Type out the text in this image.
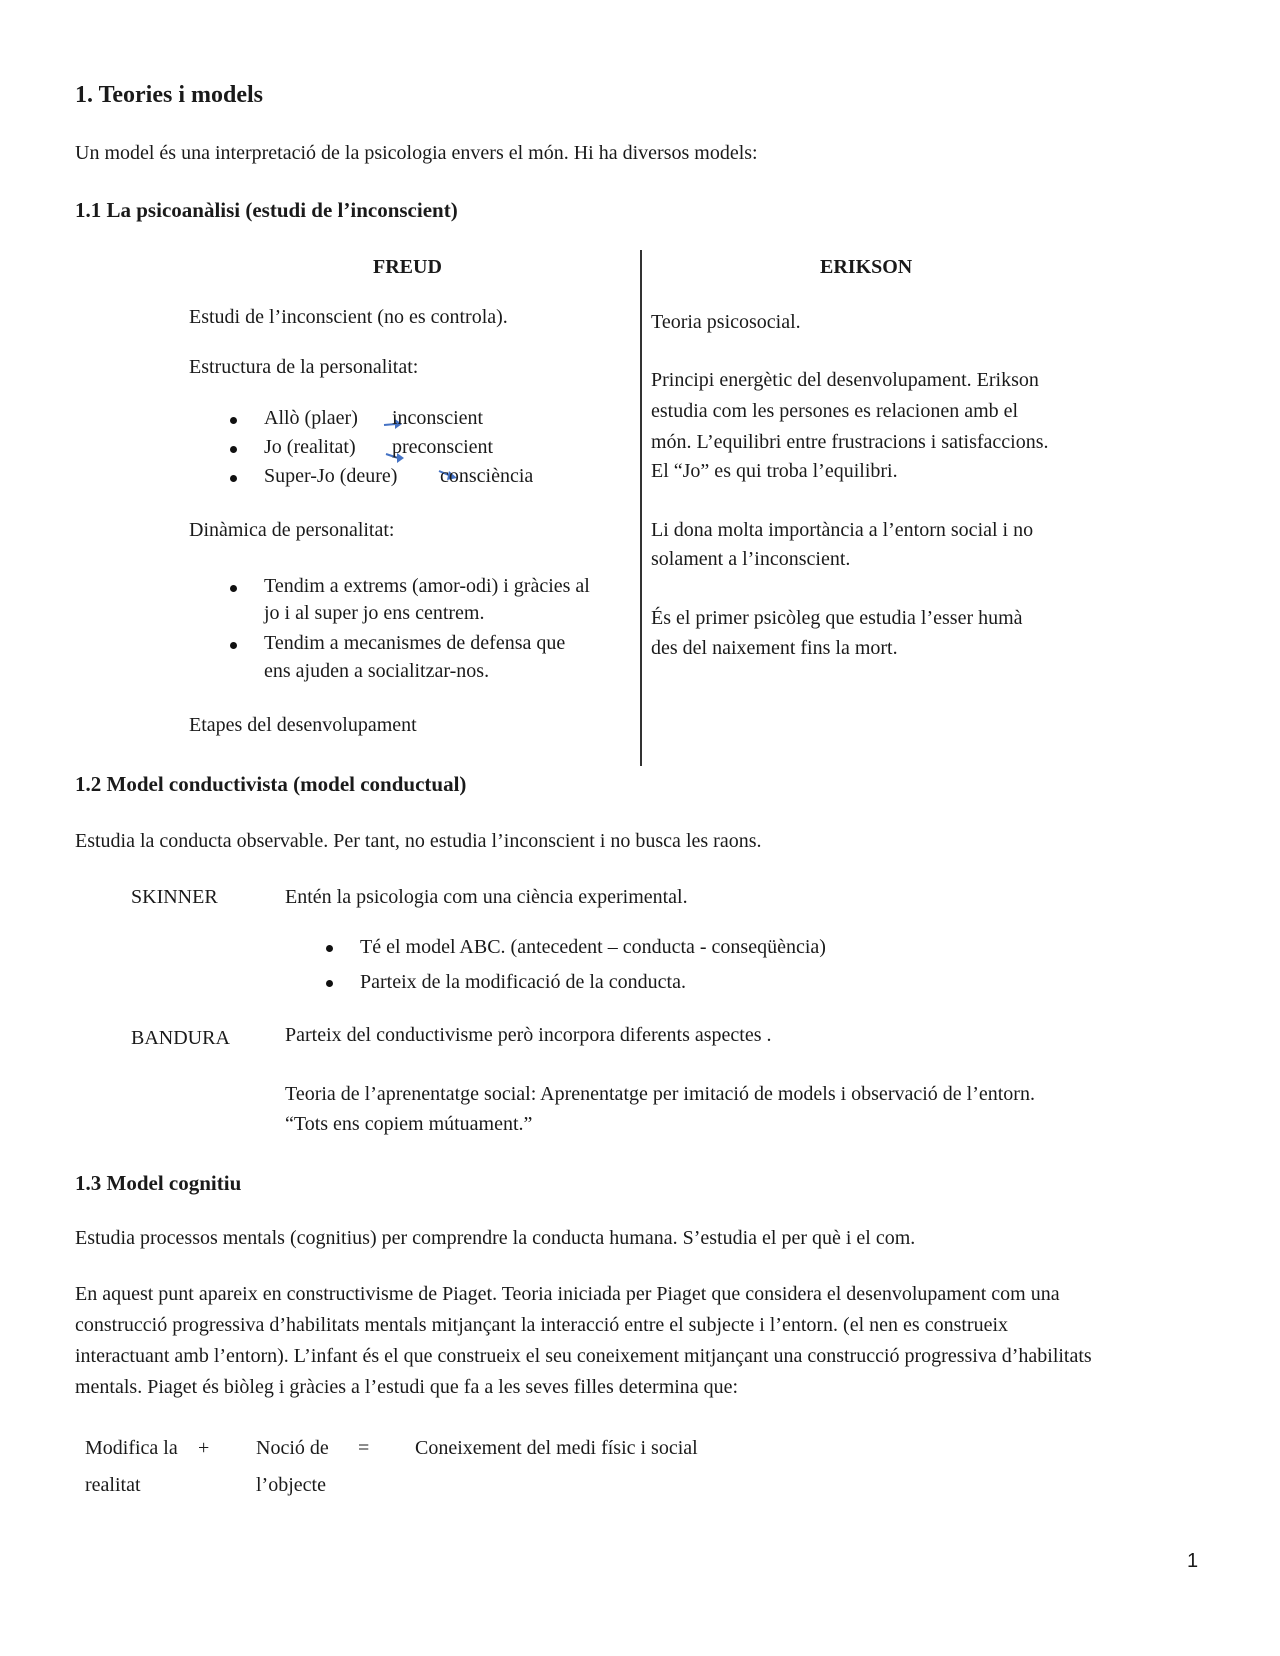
1. Teories i models
Un model és una interpretació de la psicologia envers el món. Hi ha diversos models:
1.1 La psicoanàlisi (estudi de l’inconscient)
FREUD
Estudi de l’inconscient (no es controla).
Estructura de la personalitat:
Allò (plaer) inconscient
Jo (realitat) preconscient
Super-Jo (deure) consciència
Dinàmica de personalitat:
Tendim a extrems (amor-odi) i gràcies al
jo i al super jo ens centrem.
Tendim a mecanismes de defensa que
ens ajuden a socialitzar-nos.
Etapes del desenvolupament
ERIKSON
Teoria psicosocial.
Principi energètic del desenvolupament. Erikson
estudia com les persones es relacionen amb el
món. L’equilibri entre frustracions i satisfaccions.
El “Jo” es qui troba l’equilibri.
Li dona molta importància a l’entorn social i no
solament a l’inconscient.
És el primer psicòleg que estudia l’esser humà
des del naixement fins la mort.
1.2 Model conductivista (model conductual)
Estudia la conducta observable. Per tant, no estudia l’inconscient i no busca les raons.
SKINNER	Entén la psicologia com una ciència experimental.
Té el model ABC. (antecedent – conducta - conseqüència)
Parteix de la modificació de la conducta.
BANDURA	Parteix del conductivisme però incorpora diferents aspectes .
Teoria de l’aprenentatge social: Aprenentatge per imitació de models i observació de l’entorn.
“Tots ens copiem mútuament.”
1.3 Model cognitiu
Estudia processos mentals (cognitius) per comprendre la conducta humana. S’estudia el per què i el com.
En aquest punt apareix en constructivisme de Piaget. Teoria iniciada per Piaget que considera el desenvolupament com una
construcció progressiva d’habilitats mentals mitjançant la interacció entre el subjecte i l’entorn. (el nen es construeix
interactuant amb l’entorn). L’infant és el que construeix el seu coneixement mitjançant una construcció progressiva d’habilitats
mentals. Piaget és biòleg i gràcies a l’estudi que fa a les seves filles determina que:
Modifica la
realitat
+ Noció de
l’objecte
= Coneixement del medi físic i social
1
